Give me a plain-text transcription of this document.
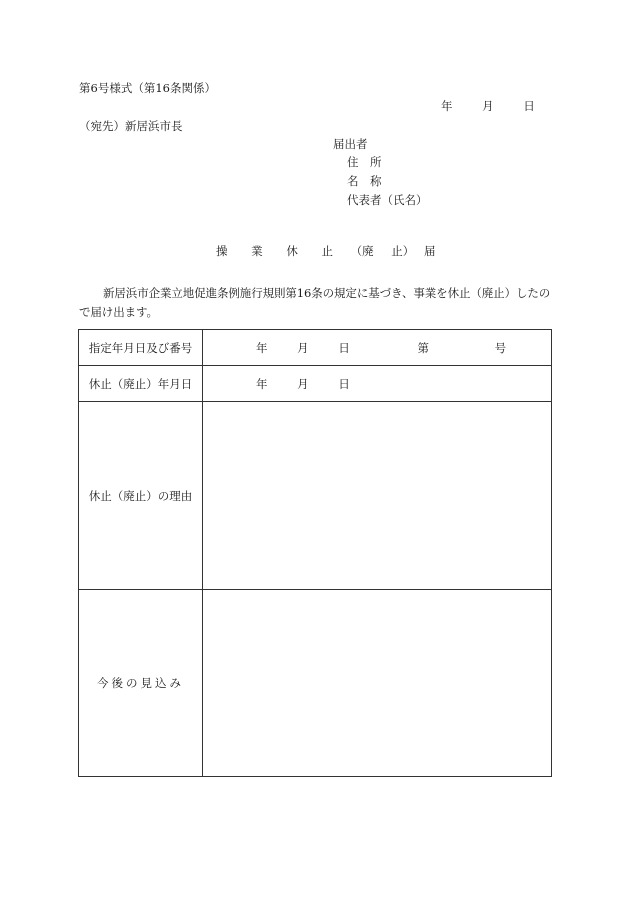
第6号様式（第16条関係）
年	月	日
（宛先）新居浜市長
届出者
住　所
名　称
代表者（氏名）
操 業 休 止 （廃 止） 届
新居浜市企業立地促進条例施行規則第16条の規定に基づき、事業を休止（廃止）したので届け出ます。
指定年月日及び番号	年 月 日 第 号
休止（廃止）年月日	年 月 日
休止（廃止）の理由	
今後の見込み	
